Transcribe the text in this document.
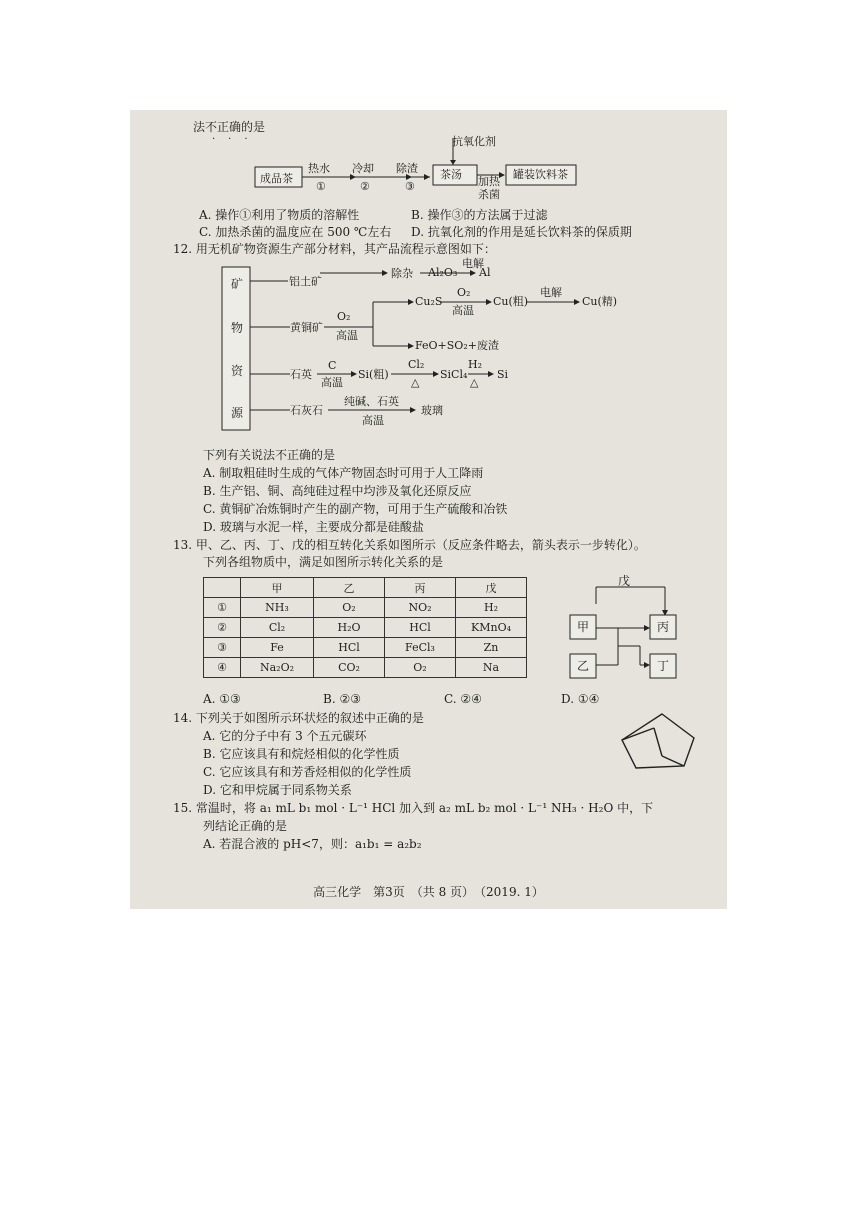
法不正确的是
···	抗氧化剂
成品茶
热水
①
冷却
②
除渣
③
茶汤
加热
杀菌
罐装饮料茶
A. 操作①利用了物质的溶解性	B. 操作③的方法属于过滤
C. 加热杀菌的温度应在 500 ℃左右 D. 抗氧化剂的作用是延长饮料茶的保质期
12. 用无机矿物资源生产部分材料，其产品流程示意图如下：
矿
物
资
源
铝土矿
除杂 Al₂O₃
电解
Al
黄铜矿
O₂
高温
Cu₂S
O₂
高温
Cu(粗)
电解
Cu(精)
FeO+SO₂+废渣
石英
C
高温
Si(粗)
Cl₂
△
SiCl₄
H₂
△
Si
石灰石
纯碱、石英
高温
玻璃
下列有关说法不正确的是
A. 制取粗硅时生成的气体产物固态时可用于人工降雨
B. 生产铝、铜、高纯硅过程中均涉及氧化还原反应
C. 黄铜矿冶炼铜时产生的副产物，可用于生产硫酸和冶铁
D. 玻璃与水泥一样，主要成分都是硅酸盐
13. 甲、乙、丙、丁、戊的相互转化关系如图所示（反应条件略去，箭头表示一步转化）。
下列各组物质中，满足如图所示转化关系的是
	甲	乙	丙	戊
①	NH₃	O₂	NO₂	H₂
②	Cl₂	H₂O	HCl	KMnO₄
③	Fe	HCl	FeCl₃	Zn
④	Na₂O₂	CO₂	O₂	Na
戊
甲	丙
乙	丁
A. ①③	B. ②③	C. ②④	D. ①④
14. 下列关于如图所示环状烃的叙述中正确的是
A. 它的分子中有 3 个五元碳环
B. 它应该具有和烷烃相似的化学性质
C. 它应该具有和芳香烃相似的化学性质
D. 它和甲烷属于同系物关系
15. 常温时，将 a₁ mL b₁ mol · L⁻¹ HCl 加入到 a₂ mL b₂ mol · L⁻¹ NH₃ · H₂O 中，下
列结论正确的是
A. 若混合液的 pH<7，则：a₁b₁ = a₂b₂
高三化学　第3页　（共 8 页）　（2019. 1）
